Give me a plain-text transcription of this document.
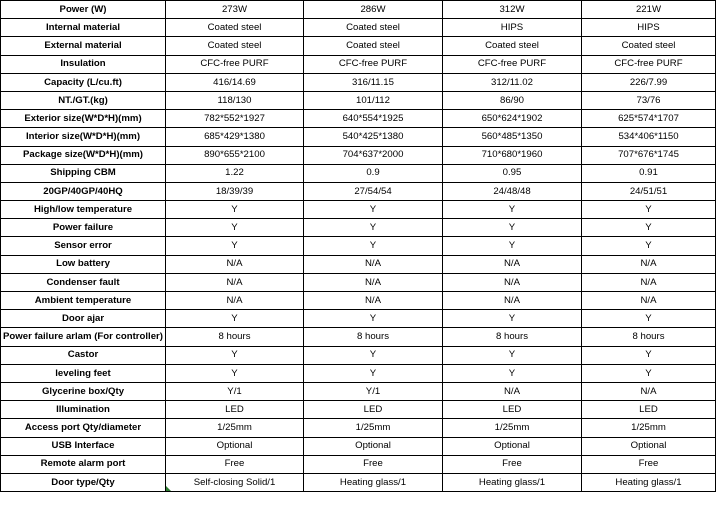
Power (W)	273W	286W	312W	221W
Internal material	Coated steel	Coated steel	HIPS	HIPS
External material	Coated steel	Coated steel	Coated steel	Coated steel
Insulation	CFC-free PURF	CFC-free PURF	CFC-free PURF	CFC-free PURF
Capacity (L/cu.ft)	416/14.69	316/11.15	312/11.02	226/7.99
NT./GT.(kg)	118/130	101/112	86/90	73/76
Exterior size(W*D*H)(mm)	782*552*1927	640*554*1925	650*624*1902	625*574*1707
Interior size(W*D*H)(mm)	685*429*1380	540*425*1380	560*485*1350	534*406*1150
Package size(W*D*H)(mm)	890*655*2100	704*637*2000	710*680*1960	707*676*1745
Shipping CBM	1.22	0.9	0.95	0.91
20GP/40GP/40HQ	18/39/39	27/54/54	24/48/48	24/51/51
High/low temperature	Y	Y	Y	Y
Power failure	Y	Y	Y	Y
Sensor error	Y	Y	Y	Y
Low battery	N/A	N/A	N/A	N/A
Condenser fault	N/A	N/A	N/A	N/A
Ambient temperature	N/A	N/A	N/A	N/A
Door ajar	Y	Y	Y	Y
Power failure arlam (For controller)	8 hours	8 hours	8 hours	8 hours
Castor	Y	Y	Y	Y
leveling feet	Y	Y	Y	Y
Glycerine box/Qty	Y/1	Y/1	N/A	N/A
Illumination	LED	LED	LED	LED
Access port Qty/diameter	1/25mm	1/25mm	1/25mm	1/25mm
USB Interface	Optional	Optional	Optional	Optional
Remote alarm port	Free	Free	Free	Free
Door type/Qty	Self-closing Solid/1	Heating glass/1	Heating glass/1	Heating glass/1
